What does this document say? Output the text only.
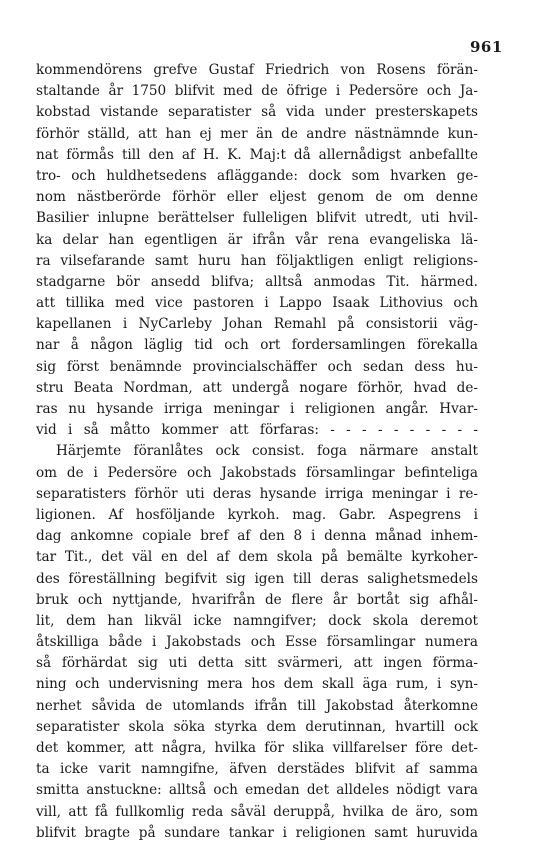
961
kommendörens grefve Gustaf Friedrich von Rosens förän-
staltande år 1750 blifvit med de öfrige i Pedersöre och Ja-
kobstad vistande separatister så vida under presterskapets
förhör ställd, att han ej mer än de andre nästnämnde kun-
nat förmås till den af H. K. Maj:t då allernådigst anbefallte
tro- och huldhetsedens afläggande: dock som hvarken ge-
nom nästberörde förhör eller eljest genom de om denne
Basilier inlupne berättelser fulleligen blifvit utredt, uti hvil-
ka delar han egentligen är ifrån vår rena evangeliska lä-
ra vilsefarande samt huru han följaktligen enligt religions-
stadgarne bör ansedd blifva; alltså anmodas Tit. härmed.
att tillika med vice pastoren i Lappo Isaak Lithovius och
kapellanen i NyCarleby Johan Remahl på consistorii väg-
nar å någon läglig tid och ort fordersamlingen förekalla
sig först benämnde provincialschäffer och sedan dess hu-
stru Beata Nordman, att undergå nogare förhör, hvad de-
ras nu hysande irriga meningar i religionen angår. Hvar-
vid i så måtto kommer att förfaras: - - - - - - - - - -
Härjemte föranlåtes ock consist. foga närmare anstalt
om de i Pedersöre och Jakobstads församlingar befinteliga
separatisters förhör uti deras hysande irriga meningar i re-
ligionen. Af hosföljande kyrkoh. mag. Gabr. Aspegrens i
dag ankomne copiale bref af den 8 i denna månad inhem-
tar Tit., det väl en del af dem skola på bemälte kyrkoher-
des föreställning begifvit sig igen till deras salighetsmedels
bruk och nyttjande, hvarifrån de flere år bortåt sig afhål-
lit, dem han likväl icke namngifver; dock skola deremot
åtskilliga både i Jakobstads och Esse församlingar numera
så förhärdat sig uti detta sitt svärmeri, att ingen förma-
ning och undervisning mera hos dem skall äga rum, i syn-
nerhet såvida de utomlands ifrån till Jakobstad återkomne
separatister skola söka styrka dem derutinnan, hvartill ock
det kommer, att några, hvilka för slika villfarelser före det-
ta icke varit namngifne, äfven derstädes blifvit af samma
smitta anstuckne: alltså och emedan det alldeles nödigt vara
vill, att få fullkomlig reda såväl deruppå, hvilka de äro, som
blifvit bragte på sundare tankar i religionen samt huruvida
